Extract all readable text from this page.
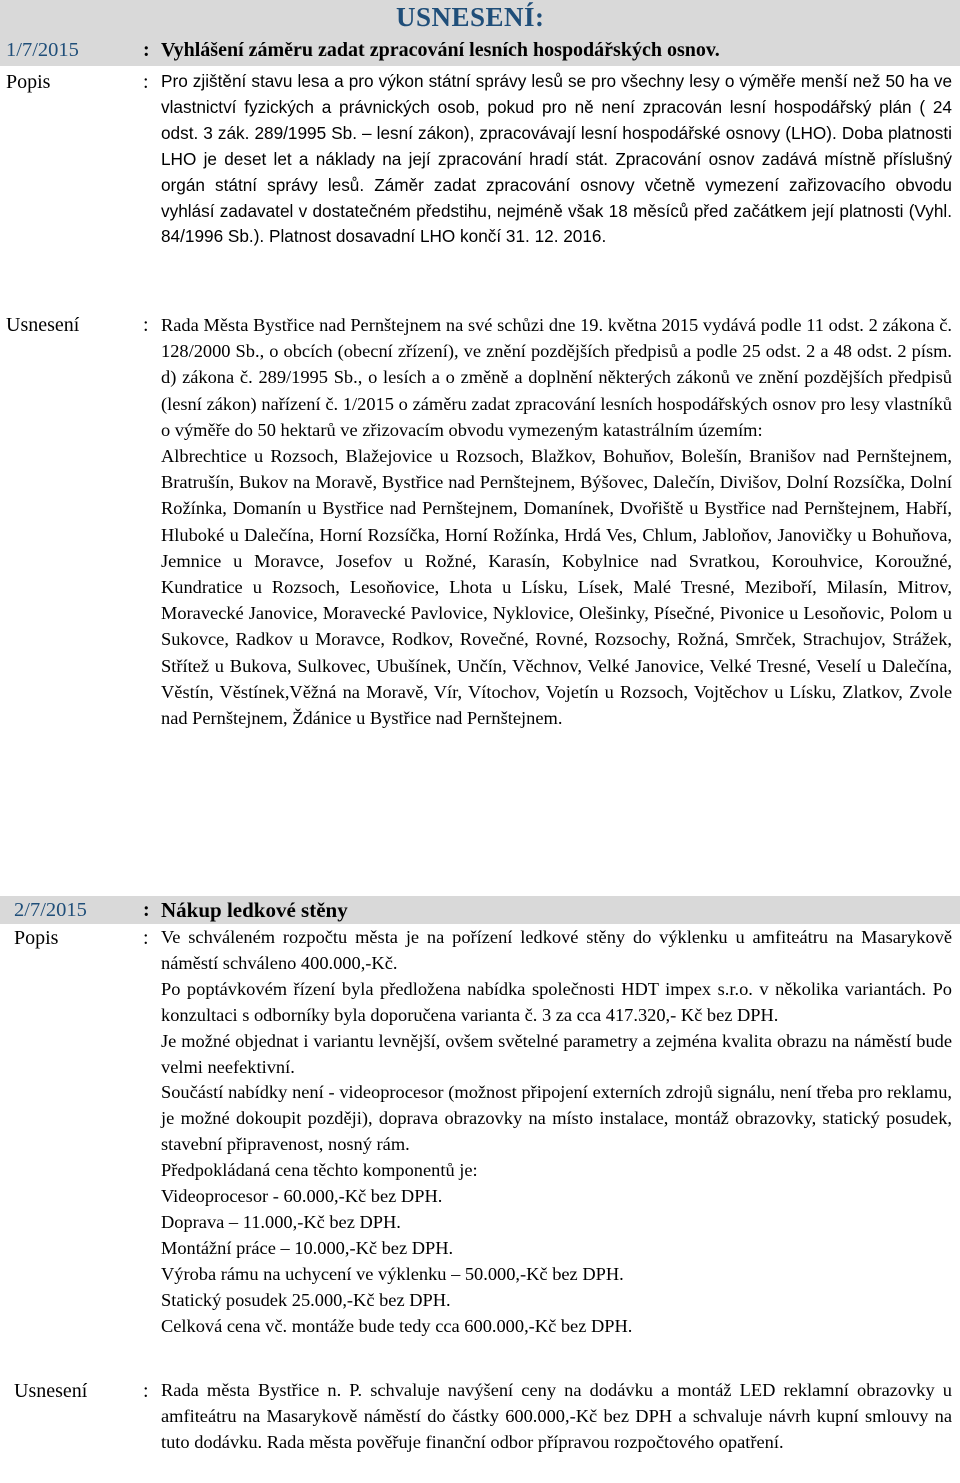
USNESENÍ:
1/7/2015	: Vyhlášení záměru zadat zpracování lesních hospodářských osnov.
Popis	: Pro zjištění stavu lesa a pro výkon státní správy lesů se pro všechny lesy o výměře menší než 50 ha ve vlastnictví fyzických a právnických osob, pokud pro ně není zpracován lesní hospodářský plán ( 24 odst. 3 zák. 289/1995 Sb. – lesní zákon), zpracovávají lesní hospodářské osnovy (LHO). Doba platnosti LHO je deset let a náklady na její zpracování hradí stát. Zpracování osnov zadává místně příslušný orgán státní správy lesů. Záměr zadat zpracování osnovy včetně vymezení zařizovacího obvodu vyhlásí zadavatel v dostatečném předstihu, nejméně však 18 měsíců před začátkem její platnosti (Vyhl. 84/1996 Sb.). Platnost dosavadní LHO končí 31. 12. 2016.

Usnesení	: Rada Města Bystřice nad Pernštejnem na své schůzi dne 19. května 2015 vydává podle 11 odst. 2 zákona č. 128/2000 Sb., o obcích (obecní zřízení), ve znění pozdějších předpisů a podle 25 odst. 2 a 48 odst. 2 písm. d) zákona č. 289/1995 Sb., o lesích a o změně a doplnění některých zákonů ve znění pozdějších předpisů (lesní zákon) nařízení č. 1/2015 o záměru zadat zpracování lesních hospodářských osnov pro lesy vlastníků o výměře do 50 hektarů ve zřizovacím obvodu vymezeným katastrálním územím:

Albrechtice u Rozsoch, Blažejovice u Rozsoch, Blažkov, Bohuňov, Bolešín, Branišov nad Pernštejnem, Bratrušín, Bukov na Moravě, Bystřice nad Pernštejnem, Býšovec, Dalečín, Divišov, Dolní Rozsíčka, Dolní Rožínka, Domanín u Bystřice nad Pernštejnem, Domanínek, Dvořiště u Bystřice nad Pernštejnem, Habří, Hluboké u Dalečína, Horní Rozsíčka, Horní Rožínka, Hrdá Ves, Chlum, Jabloňov, Janovičky u Bohuňova, Jemnice u Moravce, Josefov u Rožné, Karasín, Kobylnice nad Svratkou, Korouhvice, Koroužné, Kundratice u Rozsoch, Lesoňovice, Lhota u Lísku, Lísek, Malé Tresné, Meziboří, Milasín, Mitrov, Moravecké Janovice, Moravecké Pavlovice, Nyklovice, Olešinky, Písečné, Pivonice u Lesoňovic, Polom u Sukovce, Radkov u Moravce, Rodkov, Rovečné, Rovné, Rozsochy, Rožná, Smrček, Strachujov, Strážek, Střítež u Bukova, Sulkovec, Ubušínek, Unčín, Věchnov, Velké Janovice, Velké Tresné, Veselí u Dalečína, Věstín, Věstínek,Věžná na Moravě, Vír, Vítochov, Vojetín u Rozsoch, Vojtěchov u Lísku, Zlatkov, Zvole nad Pernštejnem, Ždánice u Bystřice nad Pernštejnem.

2/7/2015	: Nákup ledkové stěny
Popis	: Ve schváleném rozpočtu města je na pořízení ledkové stěny do výklenku u amfiteátru na Masarykově náměstí schváleno 400.000,-Kč.

Po poptávkovém řízení byla předložena nabídka společnosti HDT impex s.r.o. v několika variantách. Po konzultaci s odborníky byla doporučena varianta č. 3 za cca 417.320,- Kč bez DPH.

Je možné objednat i variantu levnější, ovšem světelné parametry a zejména kvalita obrazu na náměstí bude velmi neefektivní.

Součástí nabídky není - videoprocesor (možnost připojení externích zdrojů signálu, není třeba pro reklamu, je možné dokoupit později), doprava obrazovky na místo instalace, montáž obrazovky, statický posudek, stavební připravenost, nosný rám.

Předpokládaná cena těchto komponentů je:

Videoprocesor - 60.000,-Kč bez DPH.

Doprava – 11.000,-Kč bez DPH.

Montážní práce – 10.000,-Kč bez DPH.

Výroba rámu na uchycení ve výklenku – 50.000,-Kč bez DPH.

Statický posudek 25.000,-Kč bez DPH.

Celková cena vč. montáže bude tedy cca 600.000,-Kč bez DPH.

Usnesení	: Rada města Bystřice n. P. schvaluje navýšení ceny na dodávku a montáž LED reklamní obrazovky u amfiteátru na Masarykově náměstí do částky 600.000,-Kč bez DPH a schvaluje návrh kupní smlouvy na tuto dodávku. Rada města pověřuje finanční odbor přípravou rozpočtového opatření.
